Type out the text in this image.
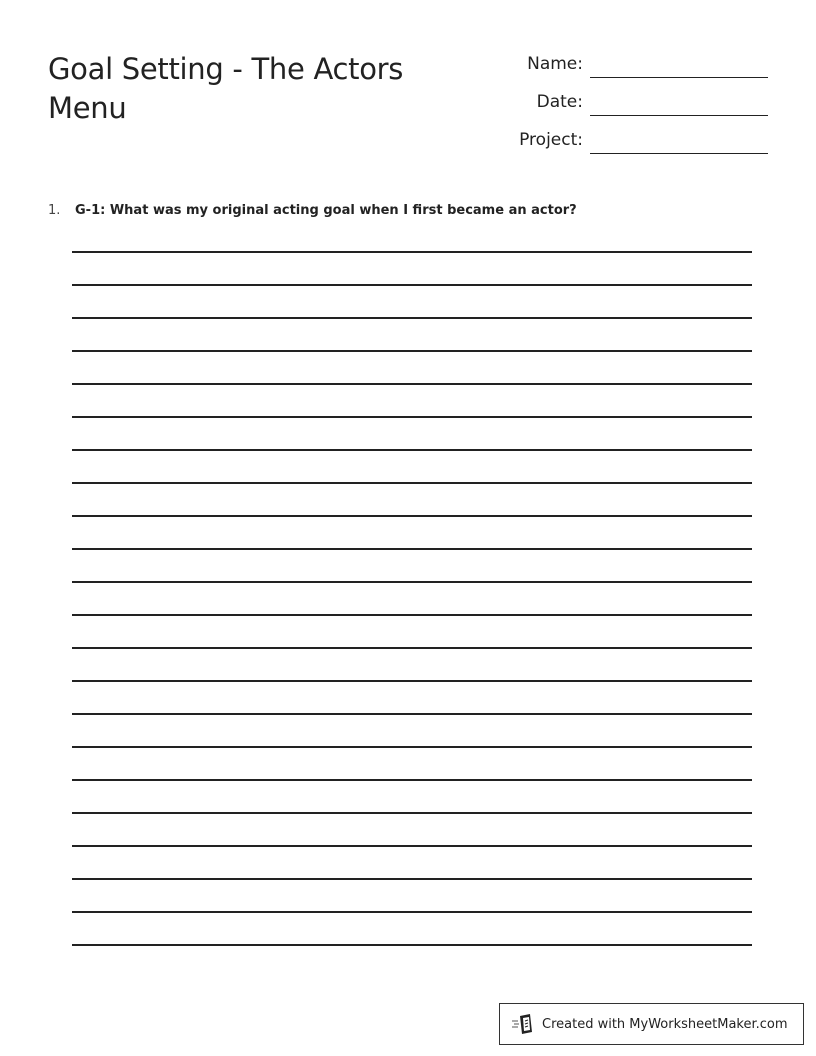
Goal Setting - The Actors Menu
Name:
Date:
Project:
1. G-1: What was my original acting goal when I first became an actor?
Created with MyWorksheetMaker.com
